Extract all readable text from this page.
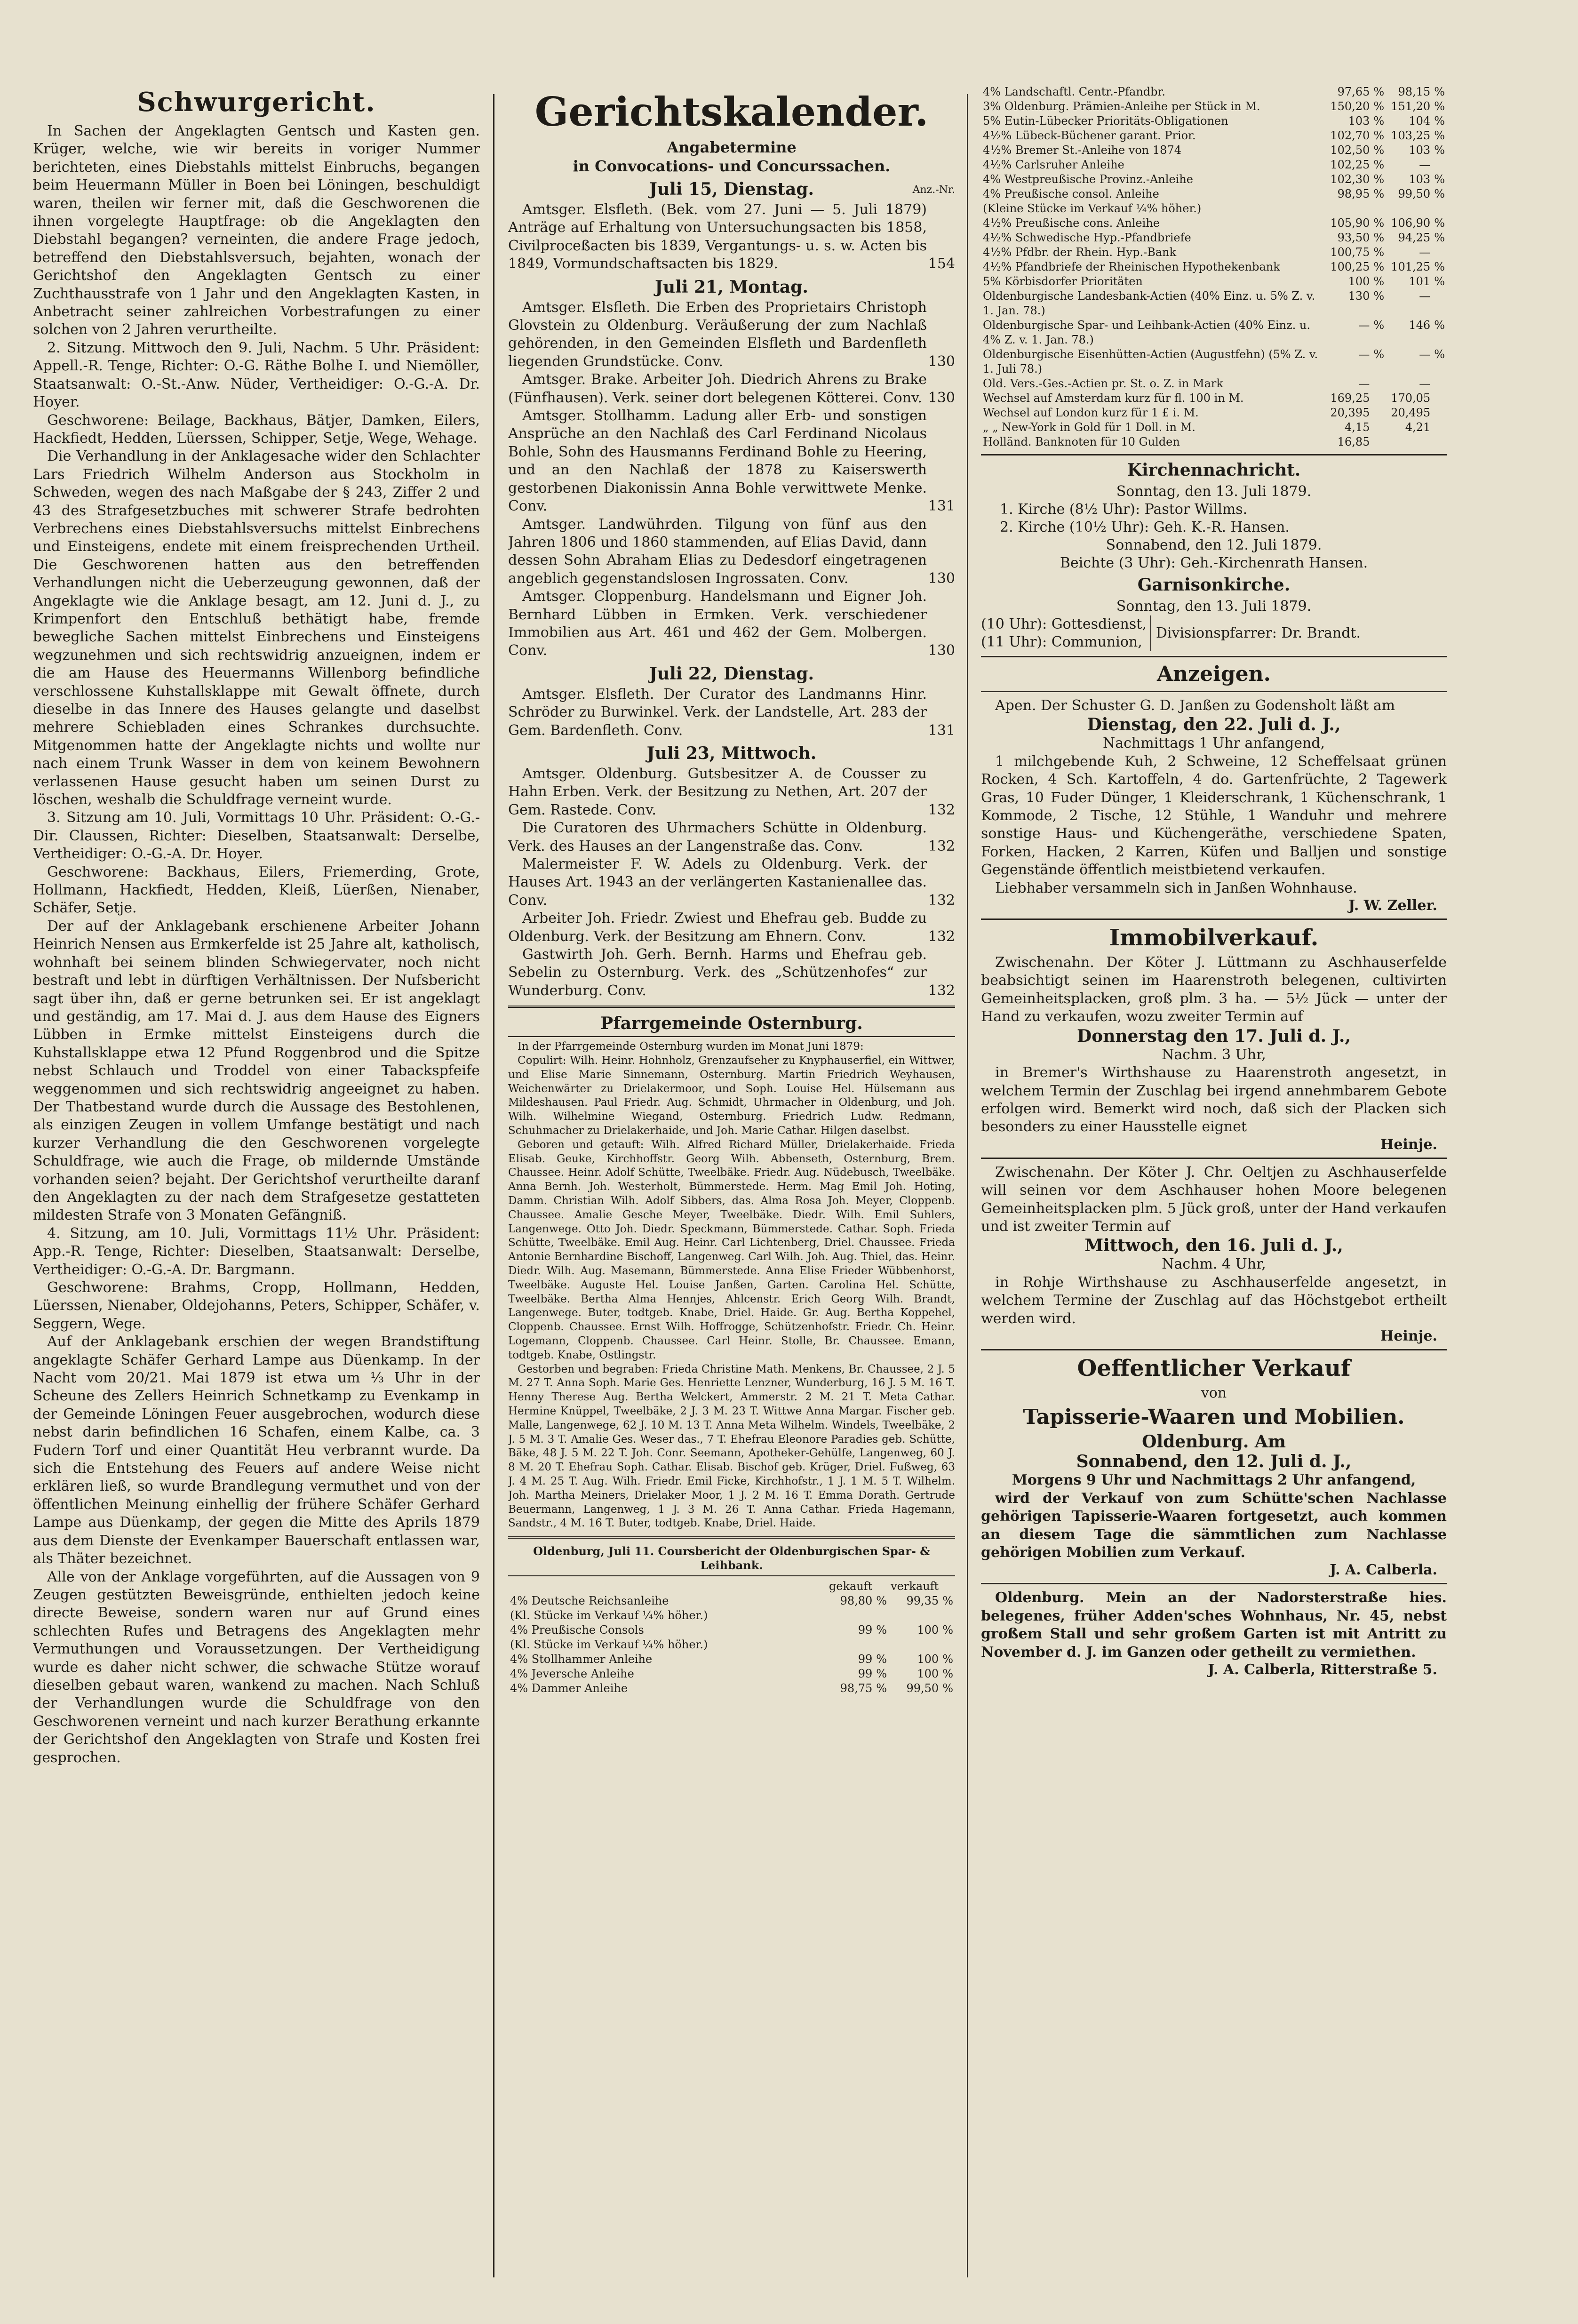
Schwurgericht.

In Sachen der Angeklagten Gentsch und Kasten gen. Krüger, welche, wie wir bereits in voriger Nummer berichteten, eines Diebstahls mittelst Einbruchs, begangen beim Heuermann Müller in Boen bei Löningen, beschuldigt waren, theilen wir ferner mit, daß die Geschworenen die ihnen vorgelegte Hauptfrage: ob die Angeklagten den Diebstahl begangen? verneinten, die andere Frage jedoch, betreffend den Diebstahlsversuch, bejahten, wonach der Gerichtshof den Angeklagten Gentsch zu einer Zuchthausstrafe von 1 Jahr und den Angeklagten Kasten, in Anbetracht seiner zahlreichen Vorbestrafungen zu einer solchen von 2 Jahren verurtheilte.

2. Sitzung. Mittwoch den 9. Juli, Nachm. 5 Uhr. Präsident: Appell.-R. Tenge, Richter: O.-G. Räthe Bolhe I. und Niemöller, Staatsanwalt: O.-St.-Anw. Nüder, Vertheidiger: O.-G.-A. Dr. Hoyer.

Geschworene: Beilage, Backhaus, Bätjer, Damken, Eilers, Hackfiedt, Hedden, Lüerssen, Schipper, Setje, Wege, Wehage.

Die Verhandlung in der Anklagesache wider den Schlachter Lars Friedrich Wilhelm Anderson aus Stockholm in Schweden, wegen des nach Maßgabe der § 243, Ziffer 2 und 43 des Strafgesetzbuches mit schwerer Strafe bedrohten Verbrechens eines Diebstahlsversuchs mittelst Einbrechens und Einsteigens, endete mit einem freisprechenden Urtheil. Die Geschworenen hatten aus den betreffenden Verhandlungen nicht die Ueberzeugung gewonnen, daß der Angeklagte wie die Anklage besagt, am 12. Juni d. J., zu Krimpenfort den Entschluß bethätigt habe, fremde bewegliche Sachen mittelst Einbrechens und Einsteigens wegzunehmen und sich rechtswidrig anzueignen, indem er die am Hause des Heuermanns Willenborg befindliche verschlossene Kuhstallsklappe mit Gewalt öffnete, durch dieselbe in das Innere des Hauses gelangte und daselbst mehrere Schiebladen eines Schrankes durchsuchte. Mitgenommen hatte der Angeklagte nichts und wollte nur nach einem Trunk Wasser in dem von keinem Bewohnern verlassenen Hause gesucht haben um seinen Durst zu löschen, weshalb die Schuldfrage verneint wurde.

3. Sitzung am 10. Juli, Vormittags 10 Uhr. Präsident: O.-G.-Dir. Claussen, Richter: Dieselben, Staatsanwalt: Derselbe, Vertheidiger: O.-G.-A. Dr. Hoyer.

Geschworene: Backhaus, Eilers, Friemerding, Grote, Hollmann, Hackfiedt, Hedden, Kleiß, Lüerßen, Nienaber, Schäfer, Setje.

Der auf der Anklagebank erschienene Arbeiter Johann Heinrich Nensen aus Ermkerfelde ist 25 Jahre alt, katholisch, wohnhaft bei seinem blinden Schwiegervater, noch nicht bestraft und lebt in dürftigen Verhältnissen. Der Nufsbericht sagt über ihn, daß er gerne betrunken sei. Er ist angeklagt und geständig, am 17. Mai d. J. aus dem Hause des Eigners Lübben in Ermke mittelst Einsteigens durch die Kuhstallsklappe etwa 12 Pfund Roggenbrod und die Spitze nebst Schlauch und Troddel von einer Tabackspfeife weggenommen und sich rechtswidrig angeeignet zu haben. Der Thatbestand wurde durch die Aussage des Bestohlenen, als einzigen Zeugen in vollem Umfange bestätigt und nach kurzer Verhandlung die den Geschworenen vorgelegte Schuldfrage, wie auch die Frage, ob mildernde Umstände vorhanden seien? bejaht. Der Gerichtshof verurtheilte daranf den Angeklagten zu der nach dem Strafgesetze gestatteten mildesten Strafe von 3 Monaten Gefängniß.

4. Sitzung, am 10. Juli, Vormittags 11½ Uhr. Präsident: App.-R. Tenge, Richter: Dieselben, Staatsanwalt: Derselbe, Vertheidiger: O.-G.-A. Dr. Bargmann.

Geschworene: Brahms, Cropp, Hollmann, Hedden, Lüerssen, Nienaber, Oldejohanns, Peters, Schipper, Schäfer, v. Seggern, Wege.

Auf der Anklagebank erschien der wegen Brandstiftung angeklagte Schäfer Gerhard Lampe aus Düenkamp. In der Nacht vom 20/21. Mai 1879 ist etwa um ⅓ Uhr in der Scheune des Zellers Heinrich Schnetkamp zu Evenkamp in der Gemeinde Löningen Feuer ausgebrochen, wodurch diese nebst darin befindlichen 16 Schafen, einem Kalbe, ca. 3 Fudern Torf und einer Quantität Heu verbrannt wurde. Da sich die Entstehung des Feuers auf andere Weise nicht erklären ließ, so wurde Brandlegung vermuthet und von der öffentlichen Meinung einhellig der frühere Schäfer Gerhard Lampe aus Düenkamp, der gegen die Mitte des Aprils 1879 aus dem Dienste der Evenkamper Bauerschaft entlassen war, als Thäter bezeichnet.

Alle von der Anklage vorgeführten, auf die Aussagen von 9 Zeugen gestützten Beweisgründe, enthielten jedoch keine directe Beweise, sondern waren nur auf Grund eines schlechten Rufes und Betragens des Angeklagten mehr Vermuthungen und Voraussetzungen. Der Vertheidigung wurde es daher nicht schwer, die schwache Stütze worauf dieselben gebaut waren, wankend zu machen. Nach Schluß der Verhandlungen wurde die Schuldfrage von den Geschworenen verneint und nach kurzer Berathung erkannte der Gerichtshof den Angeklagten von Strafe und Kosten frei gesprochen.

Gerichtskalender.
Angabetermine
in Convocations- und Concurssachen.
Juli 15, Dienstag.	Anz.-Nr.
Amtsger. Elsfleth. (Bek. vom 27. Juni — 5. Juli 1879) Anträge auf Erhaltung von Untersuchungsacten bis 1858, Civilproceßacten bis 1839, Vergantungs- u. s. w. Acten bis 1849, Vormundschaftsacten bis 1829.	154
Juli 21, Montag.
Amtsger. Elsfleth. Die Erben des Proprietairs Christoph Glovstein zu Oldenburg. Veräußerung der zum Nachlaß gehörenden, in den Gemeinden Elsfleth und Bardenfleth liegenden Grundstücke. Conv.	130
Amtsger. Brake. Arbeiter Joh. Diedrich Ahrens zu Brake (Fünfhausen). Verk. seiner dort belegenen Kötterei. Conv. 130
Amtsger. Stollhamm. Ladung aller Erb- und sonstigen Ansprüche an den Nachlaß des Carl Ferdinand Nicolaus Bohle, Sohn des Hausmanns Ferdinand Bohle zu Heering, und an den Nachlaß der 1878 zu Kaiserswerth gestorbenen Diakonissin Anna Bohle verwittwete Menke. Conv.	131
Amtsger. Landwührden. Tilgung von fünf aus den Jahren 1806 und 1860 stammenden, auf Elias David, dann dessen Sohn Abraham Elias zu Dedesdorf eingetragenen angeblich gegenstandslosen Ingrossaten. Conv.	130
Amtsger. Cloppenburg. Handelsmann und Eigner Joh. Bernhard Lübben in Ermken. Verk. verschiedener Immobilien aus Art. 461 und 462 der Gem. Molbergen. Conv.	130
Juli 22, Dienstag.
Amtsger. Elsfleth. Der Curator des Landmanns Hinr. Schröder zu Burwinkel. Verk. der Landstelle, Art. 283 der Gem. Bardenfleth. Conv.	131
Juli 23, Mittwoch.
Amtsger. Oldenburg. Gutsbesitzer A. de Cousser zu Hahn Erben. Verk. der Besitzung zu Nethen, Art. 207 der Gem. Rastede. Conv.	132
Die Curatoren des Uhrmachers Schütte in Oldenburg. Verk. des Hauses an der Langenstraße das. Conv.	132
Malermeister F. W. Adels zu Oldenburg. Verk. der Hauses Art. 1943 an der verlängerten Kastanienallee das. Conv.	132
Arbeiter Joh. Friedr. Zwiest und Ehefrau geb. Budde zu Oldenburg. Verk. der Besitzung am Ehnern. Conv.	132
Gastwirth Joh. Gerh. Bernh. Harms und Ehefrau geb. Sebelin zu Osternburg. Verk. des „Schützenhofes“ zur Wunderburg. Conv.	132
Pfarrgemeinde Osternburg.

In der Pfarrgemeinde Osternburg wurden im Monat Juni 1879:

Copulirt: Wilh. Heinr. Hohnholz, Grenzaufseher zu Knyphauserfiel, ein Wittwer, und Elise Marie Sinnemann, Osternburg. Martin Friedrich Weyhausen, Weichenwärter zu Drielakermoor, und Soph. Louise Hel. Hülsemann aus Mildeshausen. Paul Friedr. Aug. Schmidt, Uhrmacher in Oldenburg, und Joh. Wilh. Wilhelmine Wiegand, Osternburg. Friedrich Ludw. Redmann, Schuhmacher zu Drielakerhaide, und Joh. Marie Cathar. Hilgen daselbst.

Geboren und getauft: Wilh. Alfred Richard Müller, Drielakerhaide. Frieda Elisab. Geuke, Kirchhoffstr. Georg Wilh. Abbenseth, Osternburg, Brem. Chaussee. Heinr. Adolf Schütte, Tweelbäke. Friedr. Aug. Nüdebusch, Tweelbäke. Anna Bernh. Joh. Westerholt, Bümmerstede. Herm. Mag Emil Joh. Hoting, Damm. Christian Wilh. Adolf Sibbers, das. Alma Rosa Joh. Meyer, Cloppenb. Chaussee. Amalie Gesche Meyer, Tweelbäke. Diedr. Wilh. Emil Suhlers, Langenwege. Otto Joh. Diedr. Speckmann, Bümmerstede. Cathar. Soph. Frieda Schütte, Tweelbäke. Emil Aug. Heinr. Carl Lichtenberg, Driel. Chaussee. Frieda Antonie Bernhardine Bischoff, Langenweg. Carl Wilh. Joh. Aug. Thiel, das. Heinr. Diedr. Wilh. Aug. Masemann, Bümmerstede. Anna Elise Frieder Wübbenhorst, Tweelbäke. Auguste Hel. Louise Janßen, Garten. Carolina Hel. Schütte, Tweelbäke. Bertha Alma Hennjes, Ahlcenstr. Erich Georg Wilh. Brandt, Langenwege. Buter, todtgeb. Knabe, Driel. Haide. Gr. Aug. Bertha Koppehel, Cloppenb. Chaussee. Ernst Wilh. Hoffrogge, Schützenhofstr. Friedr. Ch. Heinr. Logemann, Cloppenb. Chaussee. Carl Heinr. Stolle, Br. Chaussee. Emann, todtgeb. Knabe, Ostlingstr.

Gestorben und begraben: Frieda Christine Math. Menkens, Br. Chaussee, 2 J. 5 M. 27 T. Anna Soph. Marie Ges. Henriette Lenzner, Wunderburg, 16 J. 5 M. 16 T. Henny Therese Aug. Bertha Welckert, Ammerstr. 2 M. 21 T. Meta Cathar. Hermine Knüppel, Tweelbäke, 2 J. 3 M. 23 T. Wittwe Anna Margar. Fischer geb. Malle, Langenwege, 62 J. 10 M. 13 T. Anna Meta Wilhelm. Windels, Tweelbäke, 2 J. 5 M. 3 T. Amalie Ges. Weser das., 7 T. Ehefrau Eleonore Paradies geb. Schütte, Bäke, 48 J. 5 M. 22 T. Joh. Conr. Seemann, Apotheker-Gehülfe, Langenweg, 60 J. 8 M. 20 T. Ehefrau Soph. Cathar. Elisab. Bischof geb. Krüger, Driel. Fußweg, 63 J. 4 M. 25 T. Aug. Wilh. Friedr. Emil Ficke, Kirchhofstr., 1 J. 1 M. 5 T. Wilhelm. Joh. Martha Meiners, Drielaker Moor, 1 J. 2 M. 16 T. Emma Dorath. Gertrude Beuermann, Langenweg, 1 J. 3 M. 26 T. Anna Cathar. Frieda Hagemann, Sandstr., 4 M. 16 T. Buter, todtgeb. Knabe, Driel. Haide.

Oldenburg, Juli 11. Coursbericht der Oldenburgischen Spar- & Leihbank.
	gekauft		verkauft	
4% Deutsche Reichsanleihe	98,80	%	99,35	%
(Kl. Stücke im Verkauf ¼% höher.)				
4% Preußische Consols	99	%	100	%
(Kl. Stücke im Verkauf ¼% höher.)				
4% Stollhammer Anleihe	99	%	100	%
4% Jeversche Anleihe	99	%	100	%
4% Dammer Anleihe	98,75	%	99,50	%
4% Landschaftl. Centr.-Pfandbr.	97,65	%	98,15	%
3% Oldenburg. Prämien-Anleihe per Stück in M.	150,20	%	151,20	%
5% Eutin-Lübecker Prioritäts-Obligationen	103	%	104	%
4½% Lübeck-Büchener garant. Prior.	102,70	%	103,25	%
4½% Bremer St.-Anleihe von 1874	102,50	%	103	%
4½% Carlsruher Anleihe	102,25	%	—	
4% Westpreußische Provinz.-Anleihe	102,30	%	103	%
4% Preußische consol. Anleihe	98,95	%	99,50	%
(Kleine Stücke im Verkauf ¼% höher.)				
4½% Preußische cons. Anleihe	105,90	%	106,90	%
4½% Schwedische Hyp.-Pfandbriefe	93,50	%	94,25	%
4½% Pfdbr. der Rhein. Hyp.-Bank	100,75	%	—	
4½% Pfandbriefe der Rheinischen Hypothekenbank	100,25	%	101,25	%
5% Körbisdorfer Prioritäten	100	%	101	%
Oldenburgische Landesbank-Actien (40% Einz. u. 5% Z. v. 1. Jan. 78.)	130	%	—	
Oldenburgische Spar- und Leihbank-Actien (40% Einz. u. 4% Z. v. 1. Jan. 78.)	—	%	146	%
Oldenburgische Eisenhütten-Actien (Augustfehn) (5% Z. v. 1. Juli 78.)	—	%	—	%
Old. Vers.-Ges.-Actien pr. St. o. Z. in Mark	—		—	
Wechsel auf Amsterdam kurz für fl. 100 in M.	169,25		170,05	
Wechsel auf London kurz für 1 £ i. M.	20,395		20,495	
„ „ New-York in Gold für 1 Doll. in M.	4,15		4,21	
Holländ. Banknoten für 10 Gulden	16,85			
Kirchennachricht.
Sonntag, den 13. Juli 1879.
1. Kirche (8½ Uhr): Pastor Willms.
2. Kirche (10½ Uhr): Geh. K.-R. Hansen.
Sonnabend, den 12. Juli 1879.
Beichte (3 Uhr): Geh.-Kirchenrath Hansen.
Garnisonkirche.
Sonntag, den 13. Juli 1879.
(10 Uhr): Gottesdienst,
(11 Uhr): Communion,
Divisionspfarrer: Dr. Brandt.
Anzeigen.

Apen. Der Schuster G. D. Janßen zu Godensholt läßt am

Dienstag, den 22. Juli d. J.,
Nachmittags 1 Uhr anfangend,

1 milchgebende Kuh, 2 Schweine, 12 Scheffelsaat grünen Rocken, 4 Sch. Kartoffeln, 4 do. Gartenfrüchte, 2 Tagewerk Gras, 10 Fuder Dünger, 1 Kleiderschrank, 1 Küchenschrank, 1 Kommode, 2 Tische, 12 Stühle, 1 Wanduhr und mehrere sonstige Haus- und Küchengeräthe, verschiedene Spaten, Forken, Hacken, 2 Karren, Küfen und Balljen und sonstige Gegenstände öffentlich meistbietend verkaufen.

Liebhaber versammeln sich in Janßen Wohnhause.

J. W. Zeller.
Immobilverkauf.

Zwischenahn. Der Köter J. Lüttmann zu Aschhauserfelde beabsichtigt seinen im Haarenstroth belegenen, cultivirten Gemeinheitsplacken, groß plm. 3 ha. — 5½ Jück — unter der Hand zu verkaufen, wozu zweiter Termin auf

Donnerstag den 17. Juli d. J.,
Nachm. 3 Uhr,

in Bremer's Wirthshause zu Haarenstroth angesetzt, in welchem Termin der Zuschlag bei irgend annehmbarem Gebote erfolgen wird. Bemerkt wird noch, daß sich der Placken sich besonders zu einer Hausstelle eignet

Heinje.

Zwischenahn. Der Köter J. Chr. Oeltjen zu Aschhauserfelde will seinen vor dem Aschhauser hohen Moore belegenen Gemeinheitsplacken plm. 5 Jück groß, unter der Hand verkaufen und ist zweiter Termin auf

Mittwoch, den 16. Juli d. J.,
Nachm. 4 Uhr,

in Rohje Wirthshause zu Aschhauserfelde angesetzt, in welchem Termine der Zuschlag auf das Höchstgebot ertheilt werden wird.

Heinje.
Oeffentlicher Verkauf
von
Tapisserie-Waaren und Mobilien.
Oldenburg. Am
Sonnabend, den 12. Juli d. J.,
Morgens 9 Uhr und Nachmittags 2 Uhr anfangend,

wird der Verkauf von zum Schütte'schen Nachlasse gehörigen Tapisserie-Waaren fortgesetzt, auch kommen an diesem Tage die sämmtlichen zum Nachlasse gehörigen Mobilien zum Verkauf.

J. A. Calberla.

Oldenburg. Mein an der Nadorsterstraße hies. belegenes, früher Adden'sches Wohnhaus, Nr. 45, nebst großem Stall und sehr großem Garten ist mit Antritt zu November d. J. im Ganzen oder getheilt zu vermiethen.

J. A. Calberla, Ritterstraße 5.
